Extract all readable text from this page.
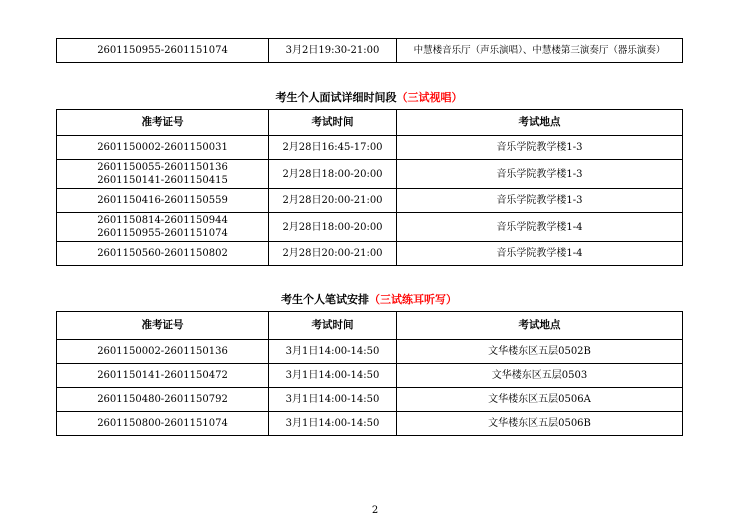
2601150955-2601151074	3月2日19:30-21:00	中慧楼音乐厅（声乐演唱）、中慧楼第三演奏厅（器乐演奏）
考生个人面试详细时间段（三试视唱）
准考证号	考试时间	考试地点

2601150002-2601150031	2月28日16:45-17:00	音乐学院教学楼1-3

2601150055-2601150136
2601150141-2601150415	2月28日18:00-20:00	音乐学院教学楼1-3

2601150416-2601150559	2月28日20:00-21:00	音乐学院教学楼1-3

2601150814-2601150944
2601150955-2601151074	2月28日18:00-20:00	音乐学院教学楼1-4

2601150560-2601150802	2月28日20:00-21:00	音乐学院教学楼1-4
考生个人笔试安排（三试练耳听写）
准考证号	考试时间	考试地点

2601150002-2601150136	3月1日14:00-14:50	文华楼东区五层0502B

2601150141-2601150472	3月1日14:00-14:50	文华楼东区五层0503

2601150480-2601150792	3月1日14:00-14:50	文华楼东区五层0506A

2601150800-2601151074	3月1日14:00-14:50	文华楼东区五层0506B
2
